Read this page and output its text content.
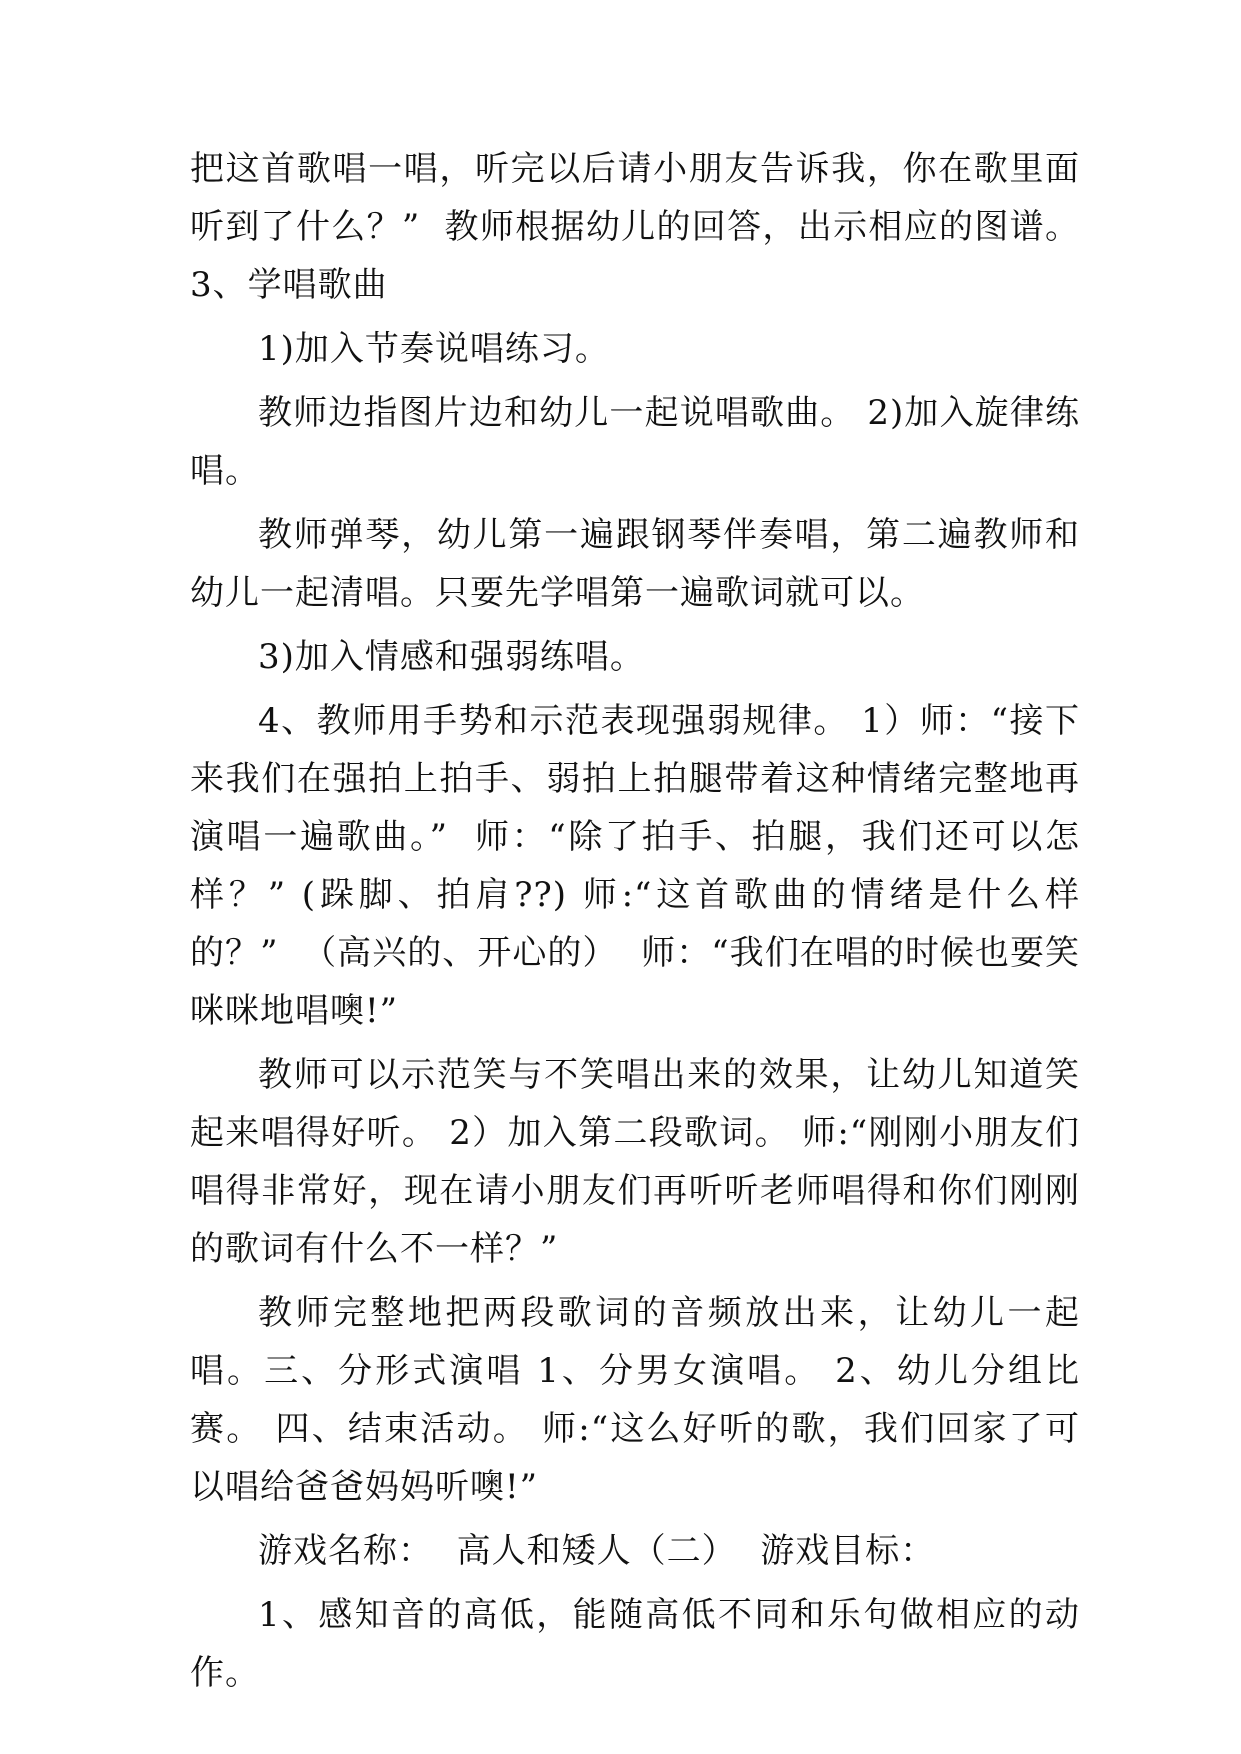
把这首歌唱一唱，听完以后请小朋友告诉我，你在歌里面听到了什么？”  教师根据幼儿的回答，出示相应的图谱。 3、学唱歌曲

1)加入节奏说唱练习。

教师边指图片边和幼儿一起说唱歌曲。 2)加入旋律练唱。

教师弹琴，幼儿第一遍跟钢琴伴奏唱，第二遍教师和幼儿一起清唱。只要先学唱第一遍歌词就可以。

3)加入情感和强弱练唱。

4、教师用手势和示范表现强弱规律。 1）师：“接下来我们在强拍上拍手、弱拍上拍腿带着这种情绪完整地再演唱一遍歌曲。”  师：“除了拍手、拍腿，我们还可以怎样？” (跺脚、拍肩??) 师:“这首歌曲的情绪是什么样的？”  （高兴的、开心的）  师：“我们在唱的时候也要笑咪咪地唱噢!”

教师可以示范笑与不笑唱出来的效果，让幼儿知道笑起来唱得好听。 2）加入第二段歌词。 师:“刚刚小朋友们唱得非常好，现在请小朋友们再听听老师唱得和你们刚刚的歌词有什么不一样？”

教师完整地把两段歌词的音频放出来，让幼儿一起唱。三、分形式演唱 1、分男女演唱。 2、幼儿分组比赛。 四、结束活动。 师:“这么好听的歌，我们回家了可以唱给爸爸妈妈听噢!”

游戏名称：  高人和矮人（二）  游戏目标：

1、感知音的高低，能随高低不同和乐句做相应的动作。
